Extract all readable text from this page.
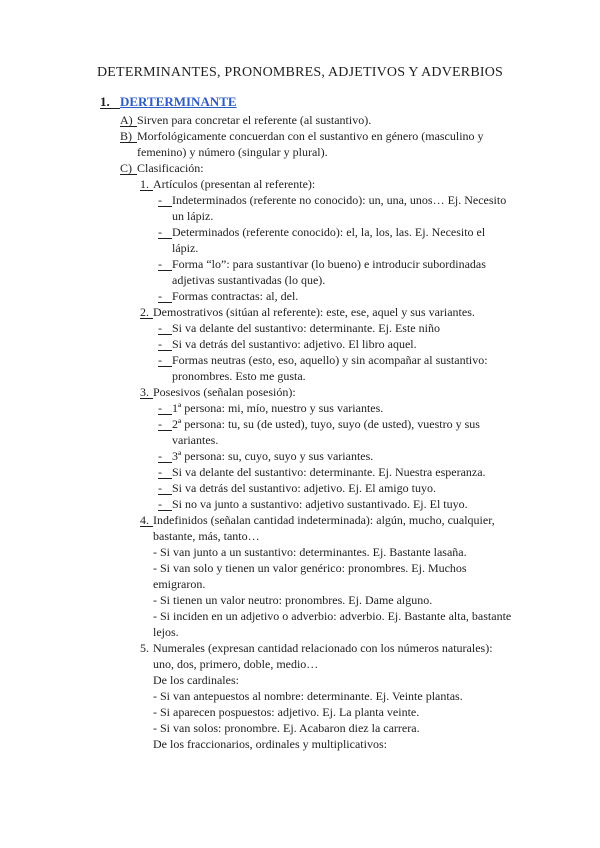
DETERMINANTES, PRONOMBRES, ADJETIVOS Y ADVERBIOS
1. DERTERMINANTE
A) Sirven para concretar el referente (al sustantivo).
B) Morfológicamente concuerdan con el sustantivo en género (masculino y femenino) y número (singular y plural).
C) Clasificación:
1. Artículos (presentan al referente):
- Indeterminados (referente no conocido): un, una, unos… Ej. Necesito un lápiz.
- Determinados (referente conocido): el, la, los, las. Ej. Necesito el lápiz.
- Forma “lo”: para sustantivar (lo bueno) e introducir subordinadas adjetivas sustantivadas (lo que).
- Formas contractas: al, del.
2. Demostrativos (sitúan al referente): este, ese, aquel y sus variantes.
- Si va delante del sustantivo: determinante. Ej. Este niño
- Si va detrás del sustantivo: adjetivo. El libro aquel.
- Formas neutras (esto, eso, aquello) y sin acompañar al sustantivo: pronombres. Esto me gusta.
3. Posesivos (señalan posesión):
- 1ª persona: mi, mío, nuestro y sus variantes.
- 2ª persona: tu, su (de usted), tuyo, suyo (de usted), vuestro y sus variantes.
- 3ª persona: su, cuyo, suyo y sus variantes.
- Si va delante del sustantivo: determinante. Ej. Nuestra esperanza.
- Si va detrás del sustantivo: adjetivo. Ej. El amigo tuyo.
- Si no va junto a sustantivo: adjetivo sustantivado. Ej. El tuyo.
4. Indefinidos (señalan cantidad indeterminada): algún, mucho, cualquier, bastante, más, tanto…
- Si van junto a un sustantivo: determinantes. Ej. Bastante lasaña.
- Si van solo y tienen un valor genérico: pronombres. Ej. Muchos emigraron.
- Si tienen un valor neutro: pronombres. Ej. Dame alguno.
- Si inciden en un adjetivo o adverbio: adverbio. Ej. Bastante alta, bastante lejos.
5. Numerales (expresan cantidad relacionado con los números naturales): uno, dos, primero, doble, medio…
De los cardinales:
- Si van antepuestos al nombre: determinante. Ej. Veinte plantas.
- Si aparecen pospuestos: adjetivo. Ej. La planta veinte.
- Si van solos: pronombre. Ej. Acabaron diez la carrera.
De los fraccionarios, ordinales y multiplicativos:
